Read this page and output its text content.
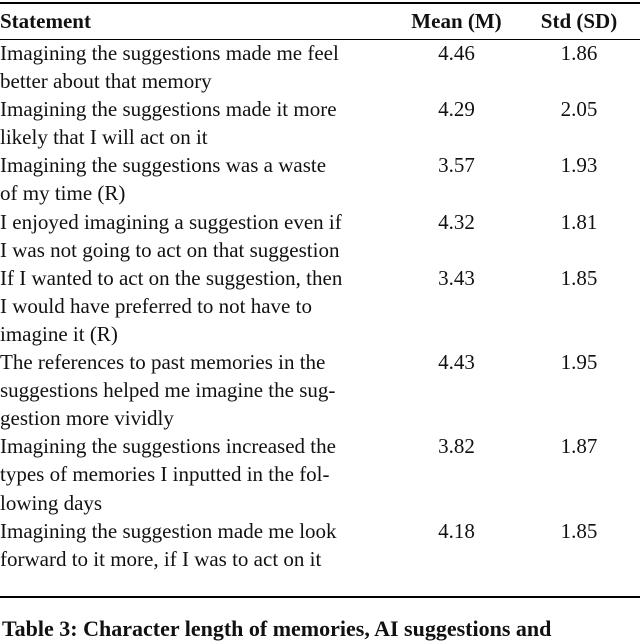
Statement	Mean (M)	Std (SD)

Imagining the suggestions made me feel
better about that memory	4.46	1.86

Imagining the suggestions made it more
likely that I will act on it	4.29	2.05

Imagining the suggestions was a waste
of my time (R)	3.57	1.93

I enjoyed imagining a suggestion even if
I was not going to act on that suggestion	4.32	1.81

If I wanted to act on the suggestion, then
I would have preferred to not have to
imagine it (R)	3.43	1.85

The references to past memories in the
suggestions helped me imagine the sug-
gestion more vividly	4.43	1.95

Imagining the suggestions increased the
types of memories I inputted in the fol-
lowing days	3.82	1.87

Imagining the suggestion made me look
forward to it more, if I was to act on it	4.18	1.85
Table 3: Character length of memories, AI suggestions and
